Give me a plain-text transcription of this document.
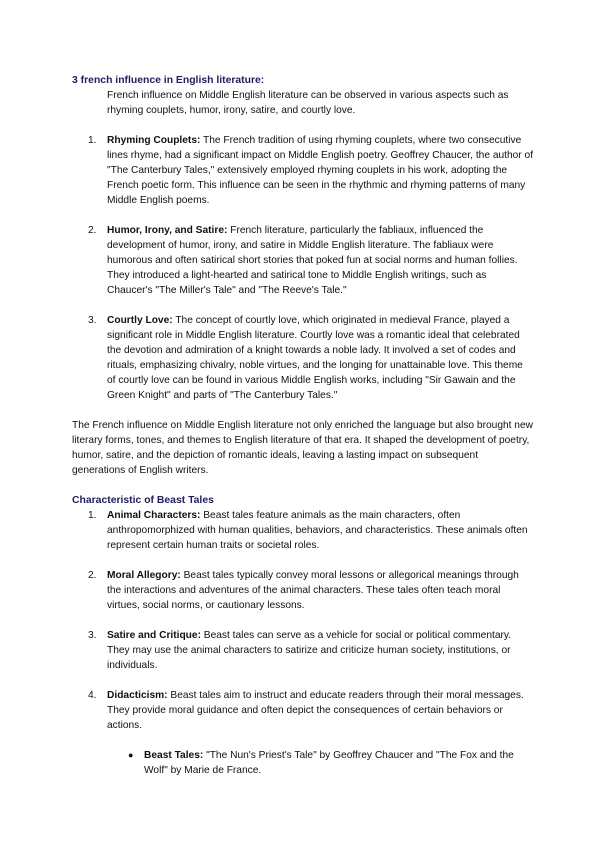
3 french influence in English literature:

French influence on Middle English literature can be observed in various aspects such as rhyming couplets, humor, irony, satire, and courtly love.

1.	Rhyming Couplets: The French tradition of using rhyming couplets, where two consecutive lines rhyme, had a significant impact on Middle English poetry. Geoffrey Chaucer, the author of "The Canterbury Tales," extensively employed rhyming couplets in his work, adopting the French poetic form. This influence can be seen in the rhythmic and rhyming patterns of many Middle English poems.
2.	Humor, Irony, and Satire: French literature, particularly the fabliaux, influenced the development of humor, irony, and satire in Middle English literature. The fabliaux were humorous and often satirical short stories that poked fun at social norms and human follies. They introduced a light-hearted and satirical tone to Middle English writings, such as Chaucer's "The Miller's Tale" and "The Reeve's Tale."
3.	Courtly Love: The concept of courtly love, which originated in medieval France, played a significant role in Middle English literature. Courtly love was a romantic ideal that celebrated the devotion and admiration of a knight towards a noble lady. It involved a set of codes and rituals, emphasizing chivalry, noble virtues, and the longing for unattainable love. This theme of courtly love can be found in various Middle English works, including "Sir Gawain and the Green Knight" and parts of "The Canterbury Tales."

The French influence on Middle English literature not only enriched the language but also brought new literary forms, tones, and themes to English literature of that era. It shaped the development of poetry, humor, satire, and the depiction of romantic ideals, leaving a lasting impact on subsequent generations of English writers.

Characteristic of Beast Tales
1.	Animal Characters: Beast tales feature animals as the main characters, often anthropomorphized with human qualities, behaviors, and characteristics. These animals often represent certain human traits or societal roles.
2.	Moral Allegory: Beast tales typically convey moral lessons or allegorical meanings through the interactions and adventures of the animal characters. These tales often teach moral virtues, social norms, or cautionary lessons.
3.	Satire and Critique: Beast tales can serve as a vehicle for social or political commentary. They may use the animal characters to satirize and criticize human society, institutions, or individuals.
4.	Didacticism: Beast tales aim to instruct and educate readers through their moral messages. They provide moral guidance and often depict the consequences of certain behaviors or actions.
● Beast Tales: "The Nun's Priest's Tale" by Geoffrey Chaucer and "The Fox and the Wolf" by Marie de France.
